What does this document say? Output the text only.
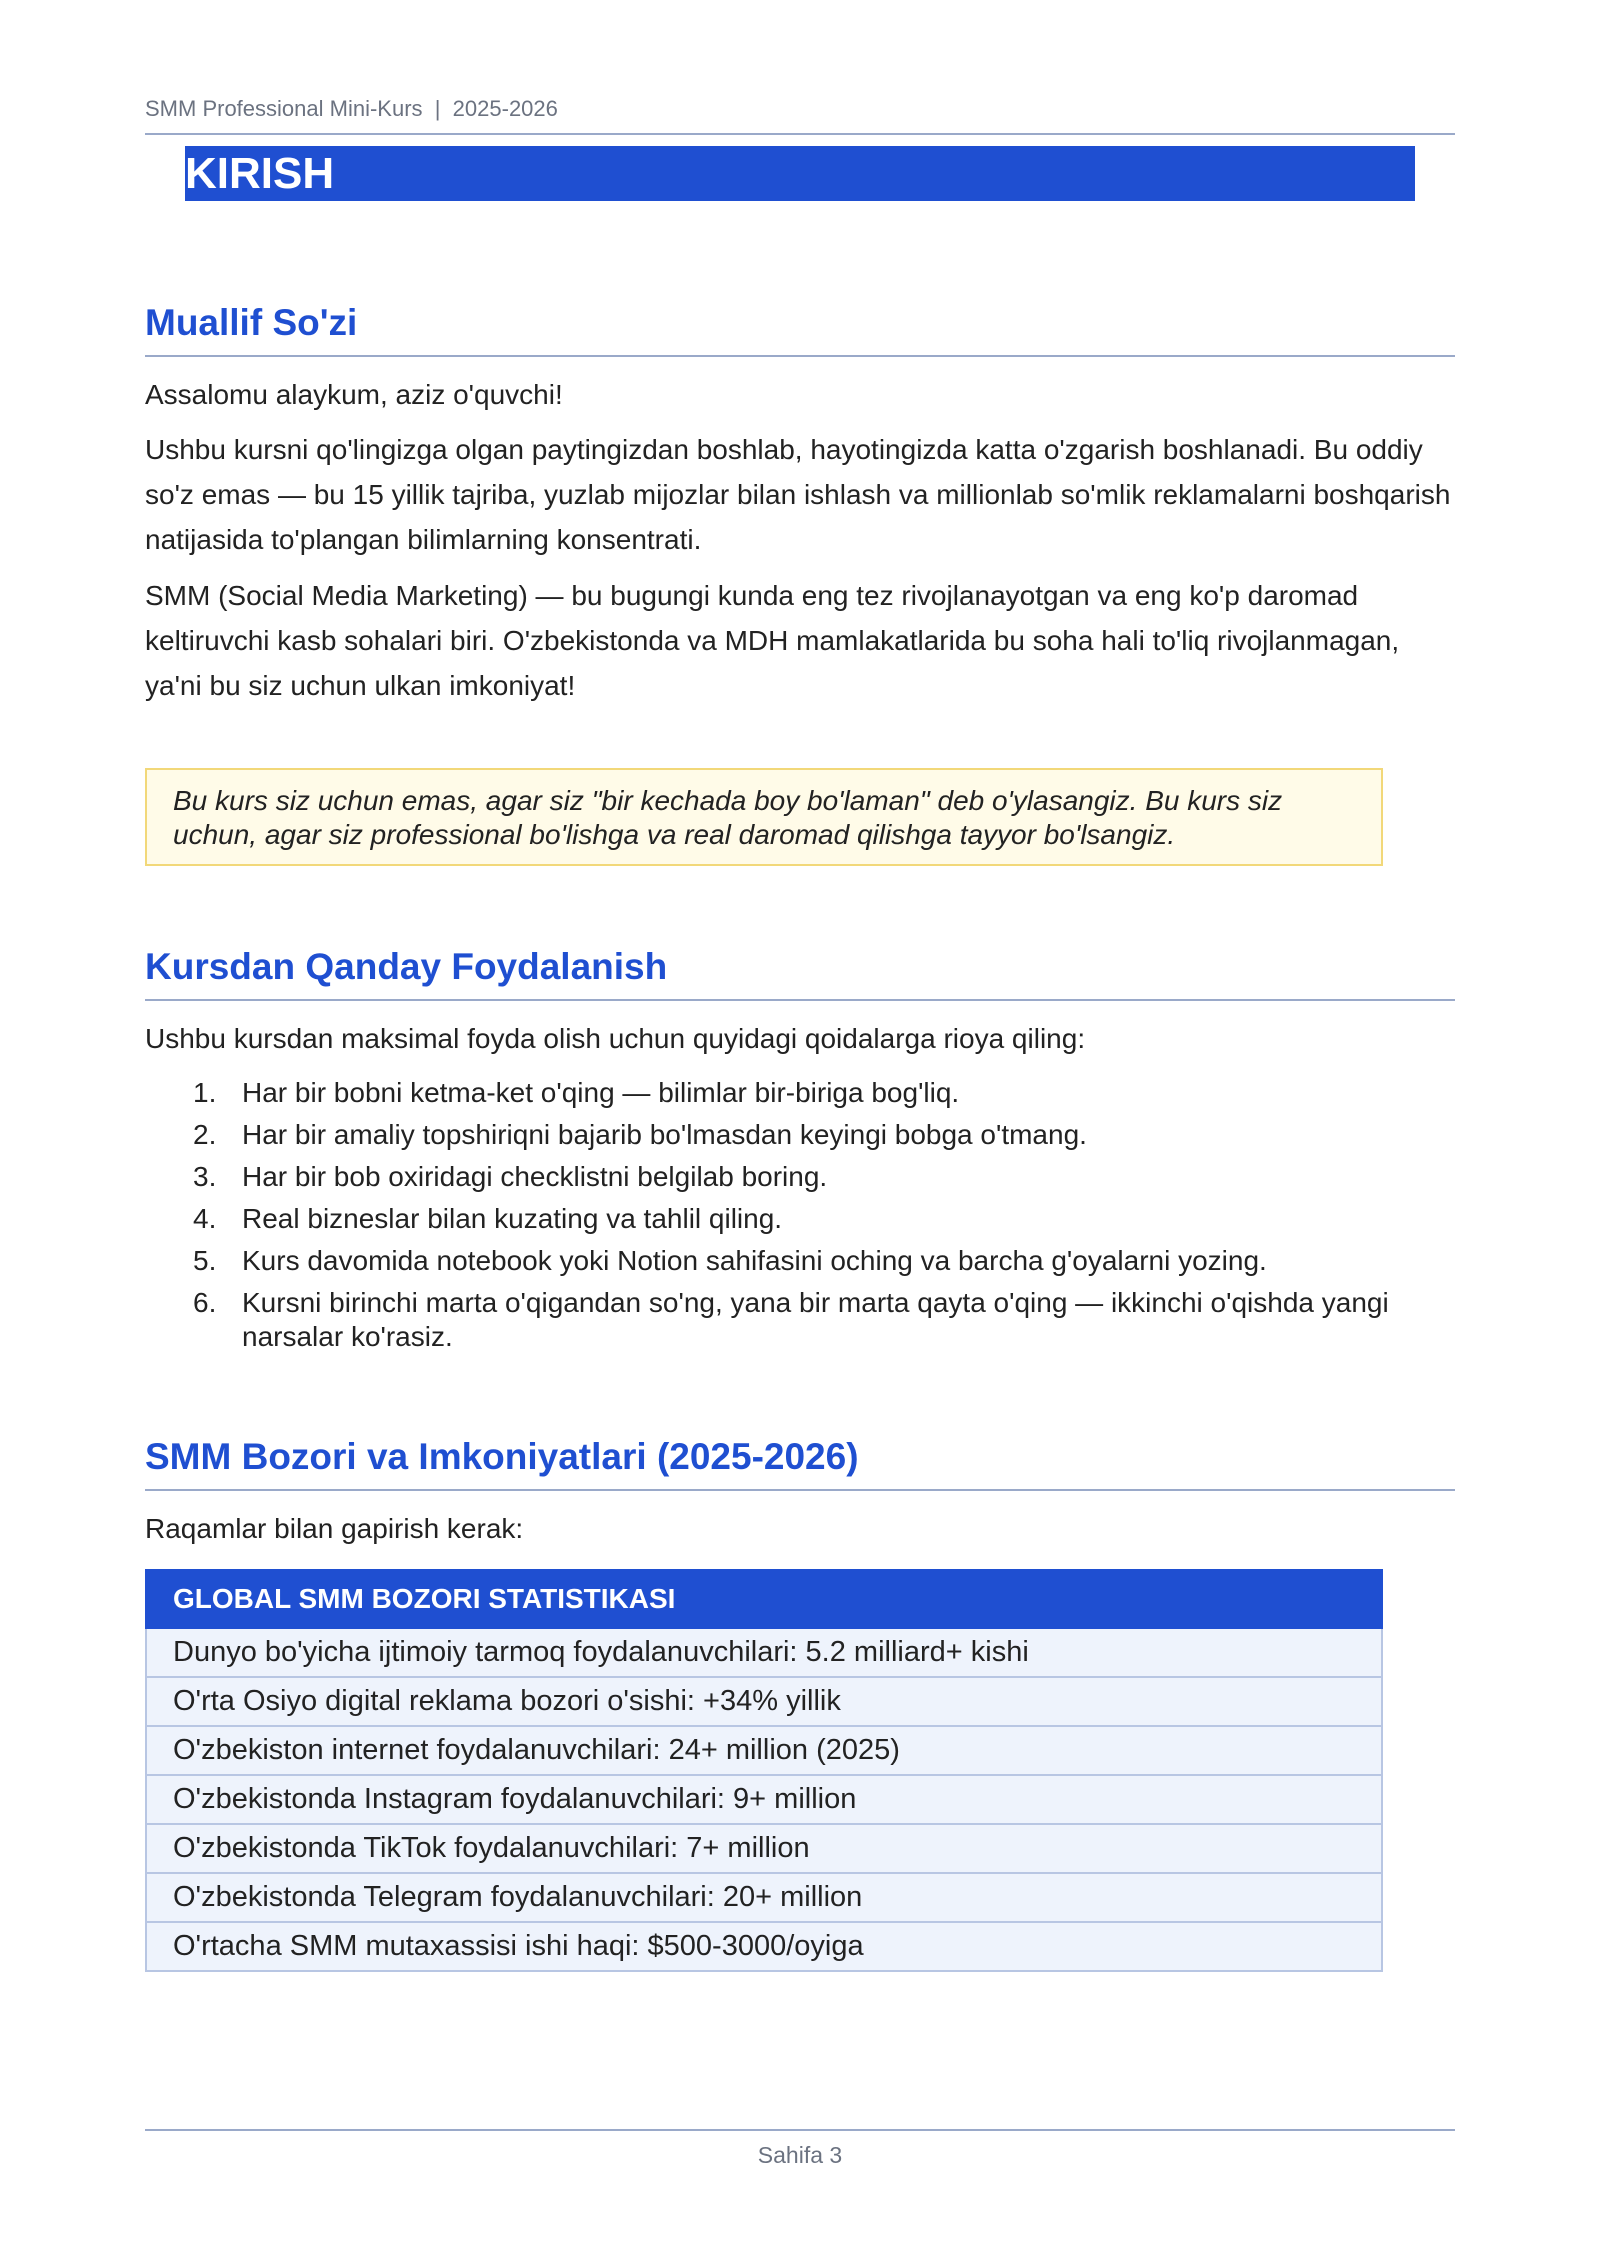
SMM Professional Mini-Kurs  |  2025-2026
KIRISH
Muallif So'zi

Assalomu alaykum, aziz o'quvchi!

Ushbu kursni qo'lingizga olgan paytingizdan boshlab, hayotingizda katta o'zgarish boshlanadi. Bu oddiy so'z emas — bu 15 yillik tajriba, yuzlab mijozlar bilan ishlash va millionlab so'mlik reklamalarni boshqarish natijasida to'plangan bilimlarning konsentrati.

SMM (Social Media Marketing) — bu bugungi kunda eng tez rivojlanayotgan va eng ko'p daromad keltiruvchi kasb sohalari biri. O'zbekistonda va MDH mamlakatlarida bu soha hali to'liq rivojlanmagan, ya'ni bu siz uchun ulkan imkoniyat!

Bu kurs siz uchun emas, agar siz "bir kechada boy bo'laman" deb o'ylasangiz. Bu kurs siz uchun, agar siz professional bo'lishga va real daromad qilishga tayyor bo'lsangiz.
Kursdan Qanday Foydalanish

Ushbu kursdan maksimal foyda olish uchun quyidagi qoidalarga rioya qiling:

1. Har bir bobni ketma-ket o'qing — bilimlar bir-biriga bog'liq.
2. Har bir amaliy topshiriqni bajarib bo'lmasdan keyingi bobga o'tmang.
3. Har bir bob oxiridagi checklistni belgilab boring.
4. Real bizneslar bilan kuzating va tahlil qiling.
5. Kurs davomida notebook yoki Notion sahifasini oching va barcha g'oyalarni yozing.
6. Kursni birinchi marta o'qigandan so'ng, yana bir marta qayta o'qing — ikkinchi o'qishda yangi narsalar ko'rasiz.
SMM Bozori va Imkoniyatlari (2025-2026)

Raqamlar bilan gapirish kerak:

GLOBAL SMM BOZORI STATISTIKASI
Dunyo bo'yicha ijtimoiy tarmoq foydalanuvchilari: 5.2 milliard+ kishi
O'rta Osiyo digital reklama bozori o'sishi: +34% yillik
O'zbekiston internet foydalanuvchilari: 24+ million (2025)
O'zbekistonda Instagram foydalanuvchilari: 9+ million
O'zbekistonda TikTok foydalanuvchilari: 7+ million
O'zbekistonda Telegram foydalanuvchilari: 20+ million
O'rtacha SMM mutaxassisi ishi haqi: $500-3000/oyiga
Sahifa 3
